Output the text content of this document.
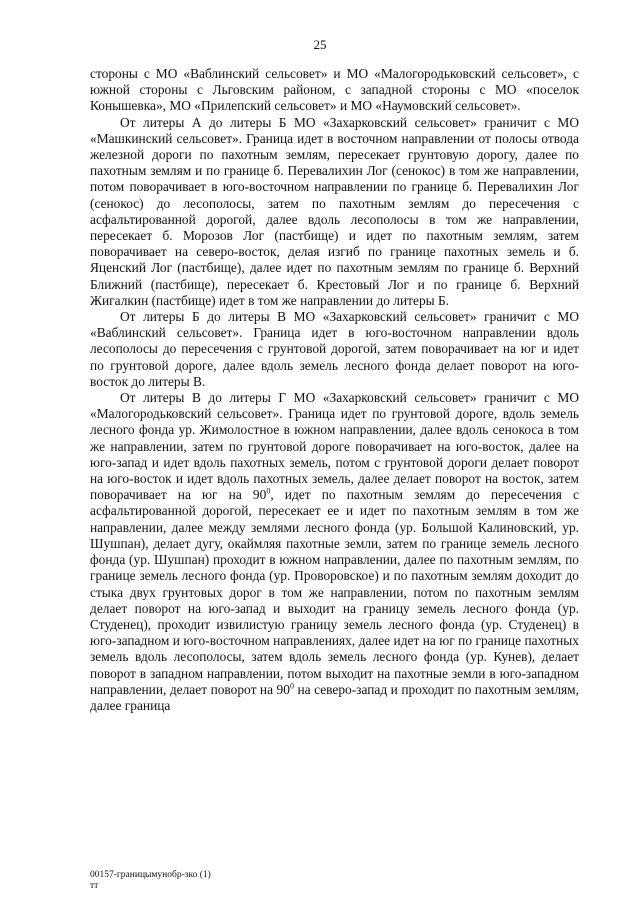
25

стороны с МО «Ваблинский сельсовет» и МО «Малогородьковский сельсовет», с южной стороны с Льговским районом, с западной стороны с МО «поселок Конышевка», МО «Прилепский сельсовет» и МО «Наумовский сельсовет».

От литеры А до литеры Б МО «Захарковский сельсовет» граничит с МО «Машкинский сельсовет». Граница идет в восточном направлении от полосы отвода железной дороги по пахотным землям, пересекает грунтовую дорогу, далее по пахотным землям и по границе б. Перевалихин Лог (сенокос) в том же направлении, потом поворачивает в юго-восточном направлении по границе б. Перевалихин Лог (сенокос) до лесополосы, затем по пахотным землям до пересечения с асфальтированной дорогой, далее вдоль лесополосы в том же направлении, пересекает б. Морозов Лог (пастбище) и идет по пахотным землям, затем поворачивает на северо-восток, делая изгиб по границе пахотных земель и б. Яценский Лог (пастбище), далее идет по пахотным землям по границе б. Верхний Ближний (пастбище), пересекает б. Крестовый Лог и по границе б. Верхний Жигалкин (пастбище) идет в том же направлении до литеры Б.

От литеры Б до литеры В МО «Захарковский сельсовет» граничит с МО «Ваблинский сельсовет». Граница идет в юго-восточном направлении вдоль лесополосы до пересечения с грунтовой дорогой, затем поворачивает на юг и идет по грунтовой дороге, далее вдоль земель лесного фонда делает поворот на юго-восток до литеры В.

От литеры В до литеры Г МО «Захарковский сельсовет» граничит с МО «Малогородьковский сельсовет». Граница идет по грунтовой дороге, вдоль земель лесного фонда ур. Жимолостное в южном направлении, далее вдоль сенокоса в том же направлении, затем по грунтовой дороге поворачивает на юго-восток, далее на юго-запад и идет вдоль пахотных земель, потом с грунтовой дороги делает поворот на юго-восток и идет вдоль пахотных земель, далее делает поворот на восток, затем поворачивает на юг на $90^0$, идет по пахотным землям до пересечения с асфальтированной дорогой, пересекает ее и идет по пахотным землям в том же направлении, далее между землями лесного фонда (ур. Большой Калиновский, ур. Шушпан), делает дугу, окаймляя пахотные земли, затем по границе земель лесного фонда (ур. Шушпан) проходит в южном направлении, далее по пахотным землям, по границе земель лесного фонда (ур. Проворовское) и по пахотным землям доходит до стыка двух грунтовых дорог в том же направлении, потом по пахотным землям делает поворот на юго-запад и выходит на границу земель лесного фонда (ур. Студенец), проходит извилистую границу земель лесного фонда (ур. Студенец) в юго-западном и юго-восточном направлениях, далее идет на юг по границе пахотных земель вдоль лесополосы, затем вдоль земель лесного фонда (ур. Кунев), делает поворот в западном направлении, потом выходит на пахотные земли в юго-западном направлении, делает поворот на $90^0$ на северо-запад и проходит по пахотным землям, далее граница

00157-границымунобр-зко (1)
тт
